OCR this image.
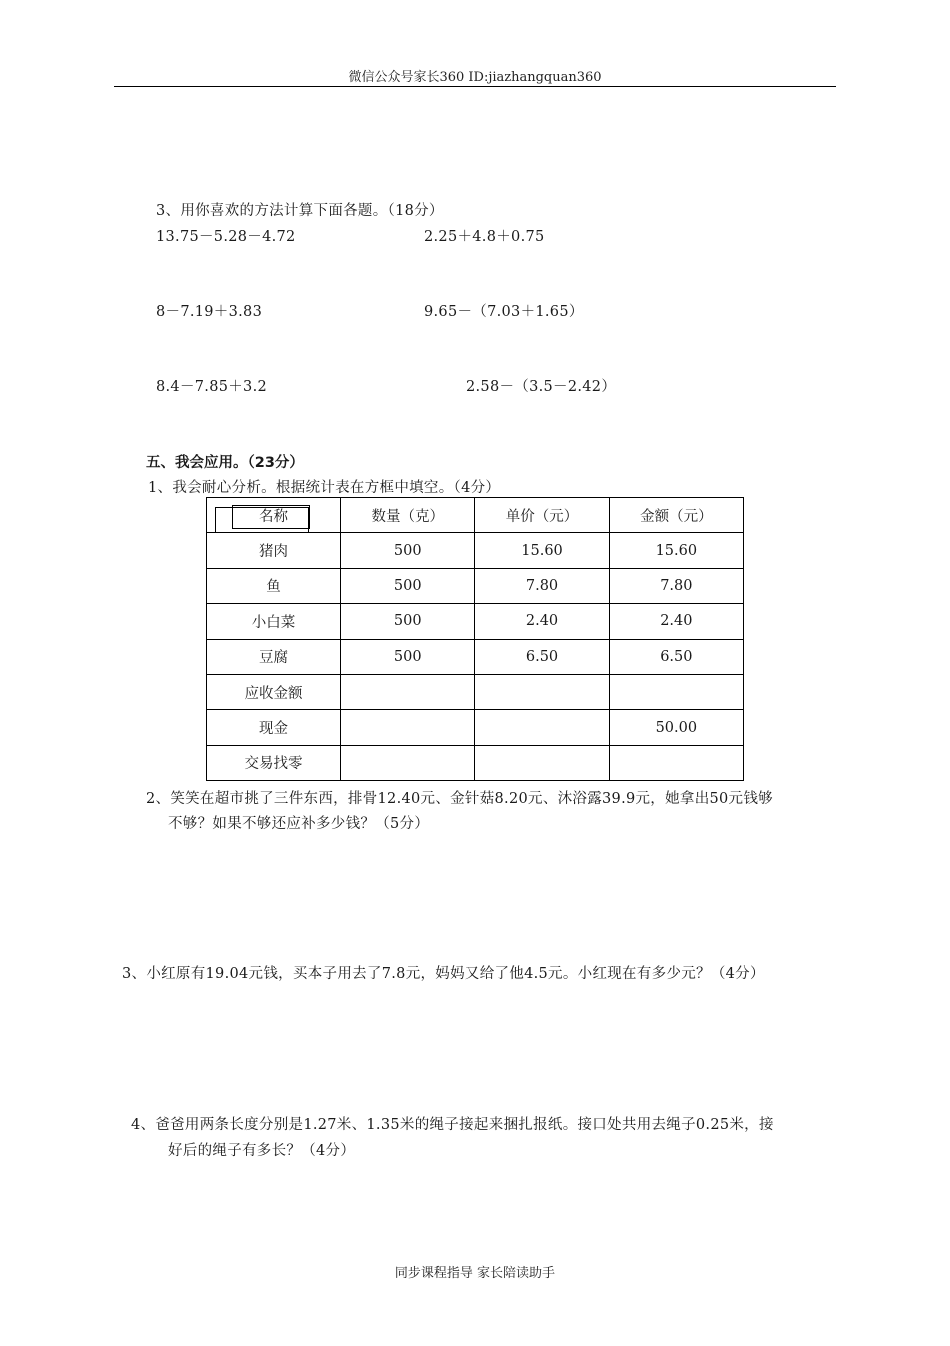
微信公众号家长360 ID:jiazhangquan360
3、用你喜欢的方法计算下面各题。（18分）
13.75－5.28－4.72	2.25＋4.8＋0.75
8－7.19＋3.83	9.65－（7.03＋1.65）
8.4－7.85＋3.2	2.58－（3.5－2.42）
五、我会应用。（23分）
1、我会耐心分析。根据统计表在方框中填空。（4分）
名称	数量（克）	单价（元）	金额（元）
猪肉	500	15.60	15.60
鱼	500	7.80	7.80
小白菜	500	2.40	2.40
豆腐	500	6.50	6.50
应收金额			

现金			50.00
交易找零			
2、笑笑在超市挑了三件东西，排骨12.40元、金针菇8.20元、沐浴露39.9元，她拿出50元钱够
不够？如果不够还应补多少钱？（5分）
3、小红原有19.04元钱，买本子用去了7.8元，妈妈又给了他4.5元。小红现在有多少元？（4分）
4、爸爸用两条长度分别是1.27米、1.35米的绳子接起来捆扎报纸。接口处共用去绳子0.25米，接
好后的绳子有多长？（4分）
同步课程指导 家长陪读助手
